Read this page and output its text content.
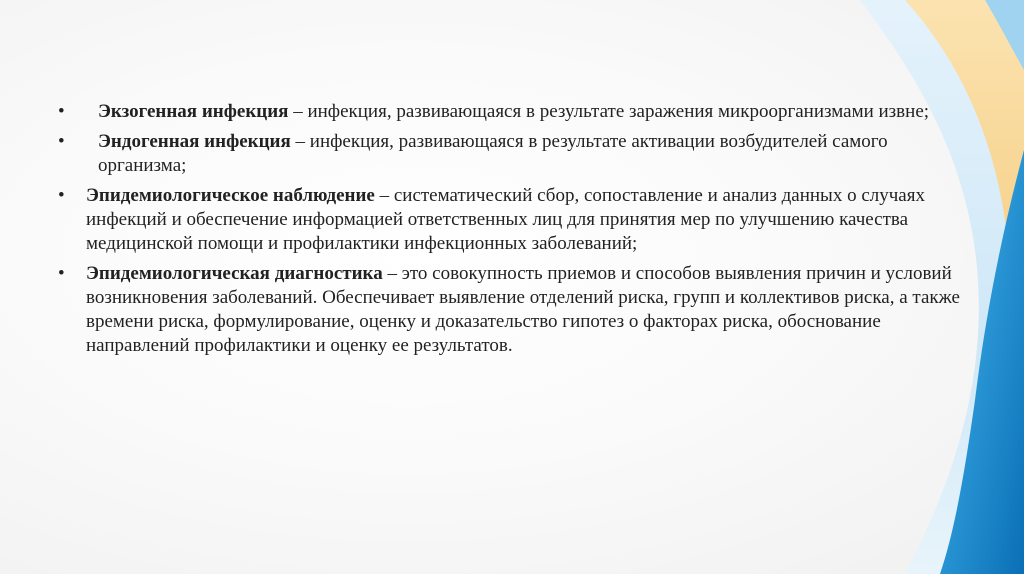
•	Экзогенная инфекция – инфекция, развивающаяся в результате заражения микроорганизмами извне;
•	Эндогенная инфекция – инфекция, развивающаяся в результате активации возбудителей самого организма;
• Эпидемиологическое наблюдение – систематический сбор, сопоставление и анализ данных о случаях инфекций и обеспечение информацией ответственных лиц для принятия мер по улучшению качества медицинской помощи и профилактики инфекционных заболеваний;
• Эпидемиологическая диагностика – это совокупность приемов и способов выявления причин и условий возникновения заболеваний. Обеспечивает выявление отделений риска, групп и коллективов риска, а также времени риска, формулирование, оценку и доказательство гипотез о факторах риска, обоснование направлений профилактики и оценку ее результатов.
